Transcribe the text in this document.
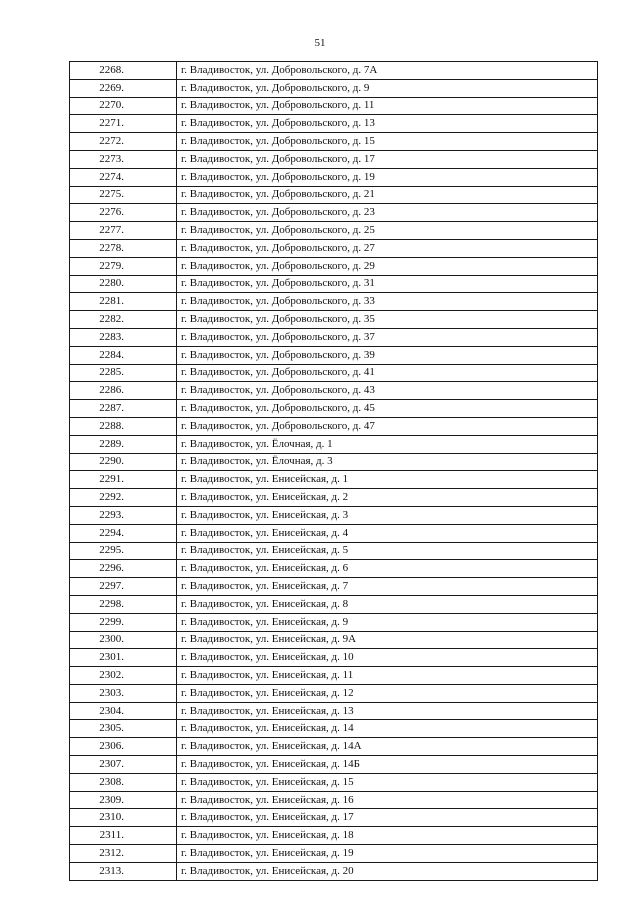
51
2268.	г. Владивосток, ул. Добровольского, д. 7А
2269.	г. Владивосток, ул. Добровольского, д. 9
2270.	г. Владивосток, ул. Добровольского, д. 11
2271.	г. Владивосток, ул. Добровольского, д. 13
2272.	г. Владивосток, ул. Добровольского, д. 15
2273.	г. Владивосток, ул. Добровольского, д. 17
2274.	г. Владивосток, ул. Добровольского, д. 19
2275.	г. Владивосток, ул. Добровольского, д. 21
2276.	г. Владивосток, ул. Добровольского, д. 23
2277.	г. Владивосток, ул. Добровольского, д. 25
2278.	г. Владивосток, ул. Добровольского, д. 27
2279.	г. Владивосток, ул. Добровольского, д. 29
2280.	г. Владивосток, ул. Добровольского, д. 31
2281.	г. Владивосток, ул. Добровольского, д. 33
2282.	г. Владивосток, ул. Добровольского, д. 35
2283.	г. Владивосток, ул. Добровольского, д. 37
2284.	г. Владивосток, ул. Добровольского, д. 39
2285.	г. Владивосток, ул. Добровольского, д. 41
2286.	г. Владивосток, ул. Добровольского, д. 43
2287.	г. Владивосток, ул. Добровольского, д. 45
2288.	г. Владивосток, ул. Добровольского, д. 47
2289.	г. Владивосток, ул. Ёлочная, д. 1
2290.	г. Владивосток, ул. Ёлочная, д. 3
2291.	г. Владивосток, ул. Енисейская, д. 1
2292.	г. Владивосток, ул. Енисейская, д. 2
2293.	г. Владивосток, ул. Енисейская, д. 3
2294.	г. Владивосток, ул. Енисейская, д. 4
2295.	г. Владивосток, ул. Енисейская, д. 5
2296.	г. Владивосток, ул. Енисейская, д. 6
2297.	г. Владивосток, ул. Енисейская, д. 7
2298.	г. Владивосток, ул. Енисейская, д. 8
2299.	г. Владивосток, ул. Енисейская, д. 9
2300.	г. Владивосток, ул. Енисейская, д. 9А
2301.	г. Владивосток, ул. Енисейская, д. 10
2302.	г. Владивосток, ул. Енисейская, д. 11
2303.	г. Владивосток, ул. Енисейская, д. 12
2304.	г. Владивосток, ул. Енисейская, д. 13
2305.	г. Владивосток, ул. Енисейская, д. 14
2306.	г. Владивосток, ул. Енисейская, д. 14А
2307.	г. Владивосток, ул. Енисейская, д. 14Б
2308.	г. Владивосток, ул. Енисейская, д. 15
2309.	г. Владивосток, ул. Енисейская, д. 16
2310.	г. Владивосток, ул. Енисейская, д. 17
2311.	г. Владивосток, ул. Енисейская, д. 18
2312.	г. Владивосток, ул. Енисейская, д. 19
2313.	г. Владивосток, ул. Енисейская, д. 20
